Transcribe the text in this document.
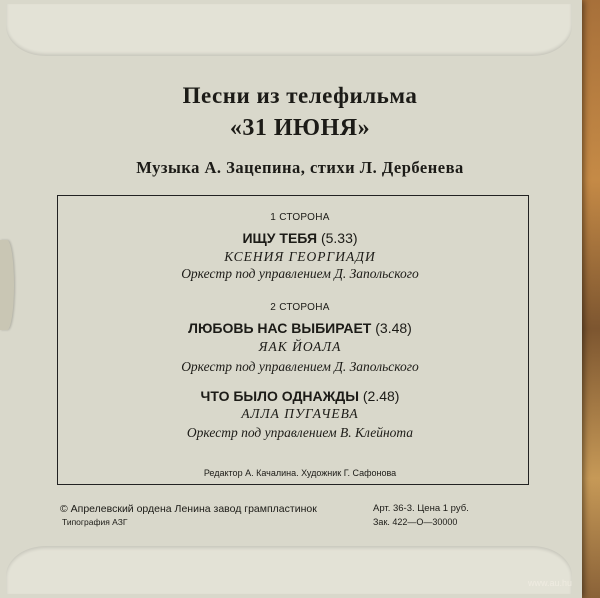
Песни из телефильма
«31 ИЮНЯ»
Музыка А. Зацепина, стихи Л. Дербенева
1 СТОРОНА
ИЩУ ТЕБЯ (5.33)
КСЕНИЯ ГЕОРГИАДИ
Оркестр под управлением Д. Запольского
2 СТОРОНА
ЛЮБОВЬ НАС ВЫБИРАЕТ (3.48)
ЯАК ЙОАЛА
Оркестр под управлением Д. Запольского
ЧТО БЫЛО ОДНАЖДЫ (2.48)
АЛЛА ПУГАЧЕВА
Оркестр под управлением В. Клейнота
Редактор А. Качалина. Художник Г. Сафонова
© Апрелевский ордена Ленина завод грампластинок
Типография АЗГ
Арт. 36-3. Цена 1 руб.
Зак. 422—О—30000
www.au.hu
